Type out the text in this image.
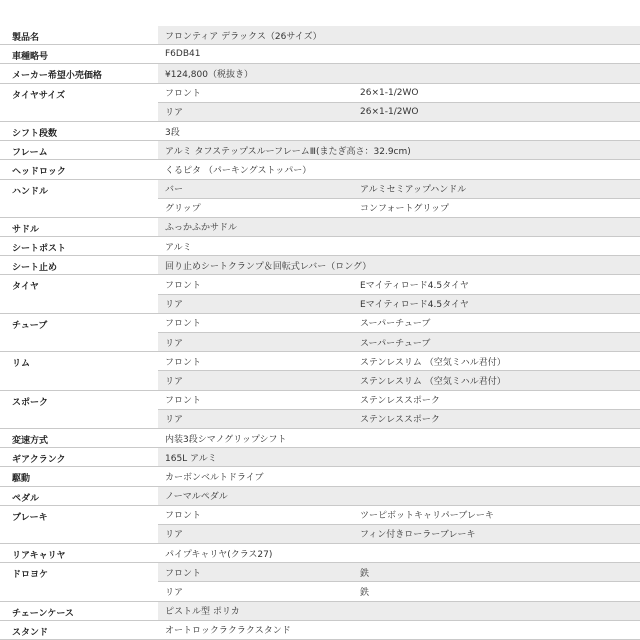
製品名	フロンティア デラックス（26サイズ）	
車種略号	F6DB41	
メーカー希望小売価格	¥124,800（税抜き）	
タイヤサイズ	フロント	26×1-1/2WO
	リア	26×1-1/2WO
シフト段数	3段	
フレーム	アルミ タフステップスルーフレームⅢ(またぎ高さ：32.9cm)	
ヘッドロック	くるピタ （パーキングストッパー）	
ハンドル	バー	アルミセミアップハンドル
	グリップ	コンフォートグリップ
サドル	ふっかふかサドル	
シートポスト	アルミ	
シート止め	回り止めシートクランプ＆回転式レバー（ロング）	
タイヤ	フロント	Eマイティロード4.5タイヤ
	リア	Eマイティロード4.5タイヤ
チューブ	フロント	スーパーチューブ
	リア	スーパーチューブ
リム	フロント	ステンレスリム （空気ミハル君付）
	リア	ステンレスリム （空気ミハル君付）
スポーク	フロント	ステンレススポーク
	リア	ステンレススポーク
変速方式	内装3段シマノグリップシフト	
ギアクランク	165L アルミ	
駆動	カーボンベルトドライブ	
ペダル	ノーマルペダル	
ブレーキ	フロント	ツーピボットキャリパーブレーキ
	リア	フィン付きローラーブレーキ
リアキャリヤ	パイプキャリヤ(クラス27)	
ドロヨケ	フロント	鉄
	リア	鉄
チェーンケース	ピストル型 ポリカ	
スタンド	オートロックラクラクスタンド	
